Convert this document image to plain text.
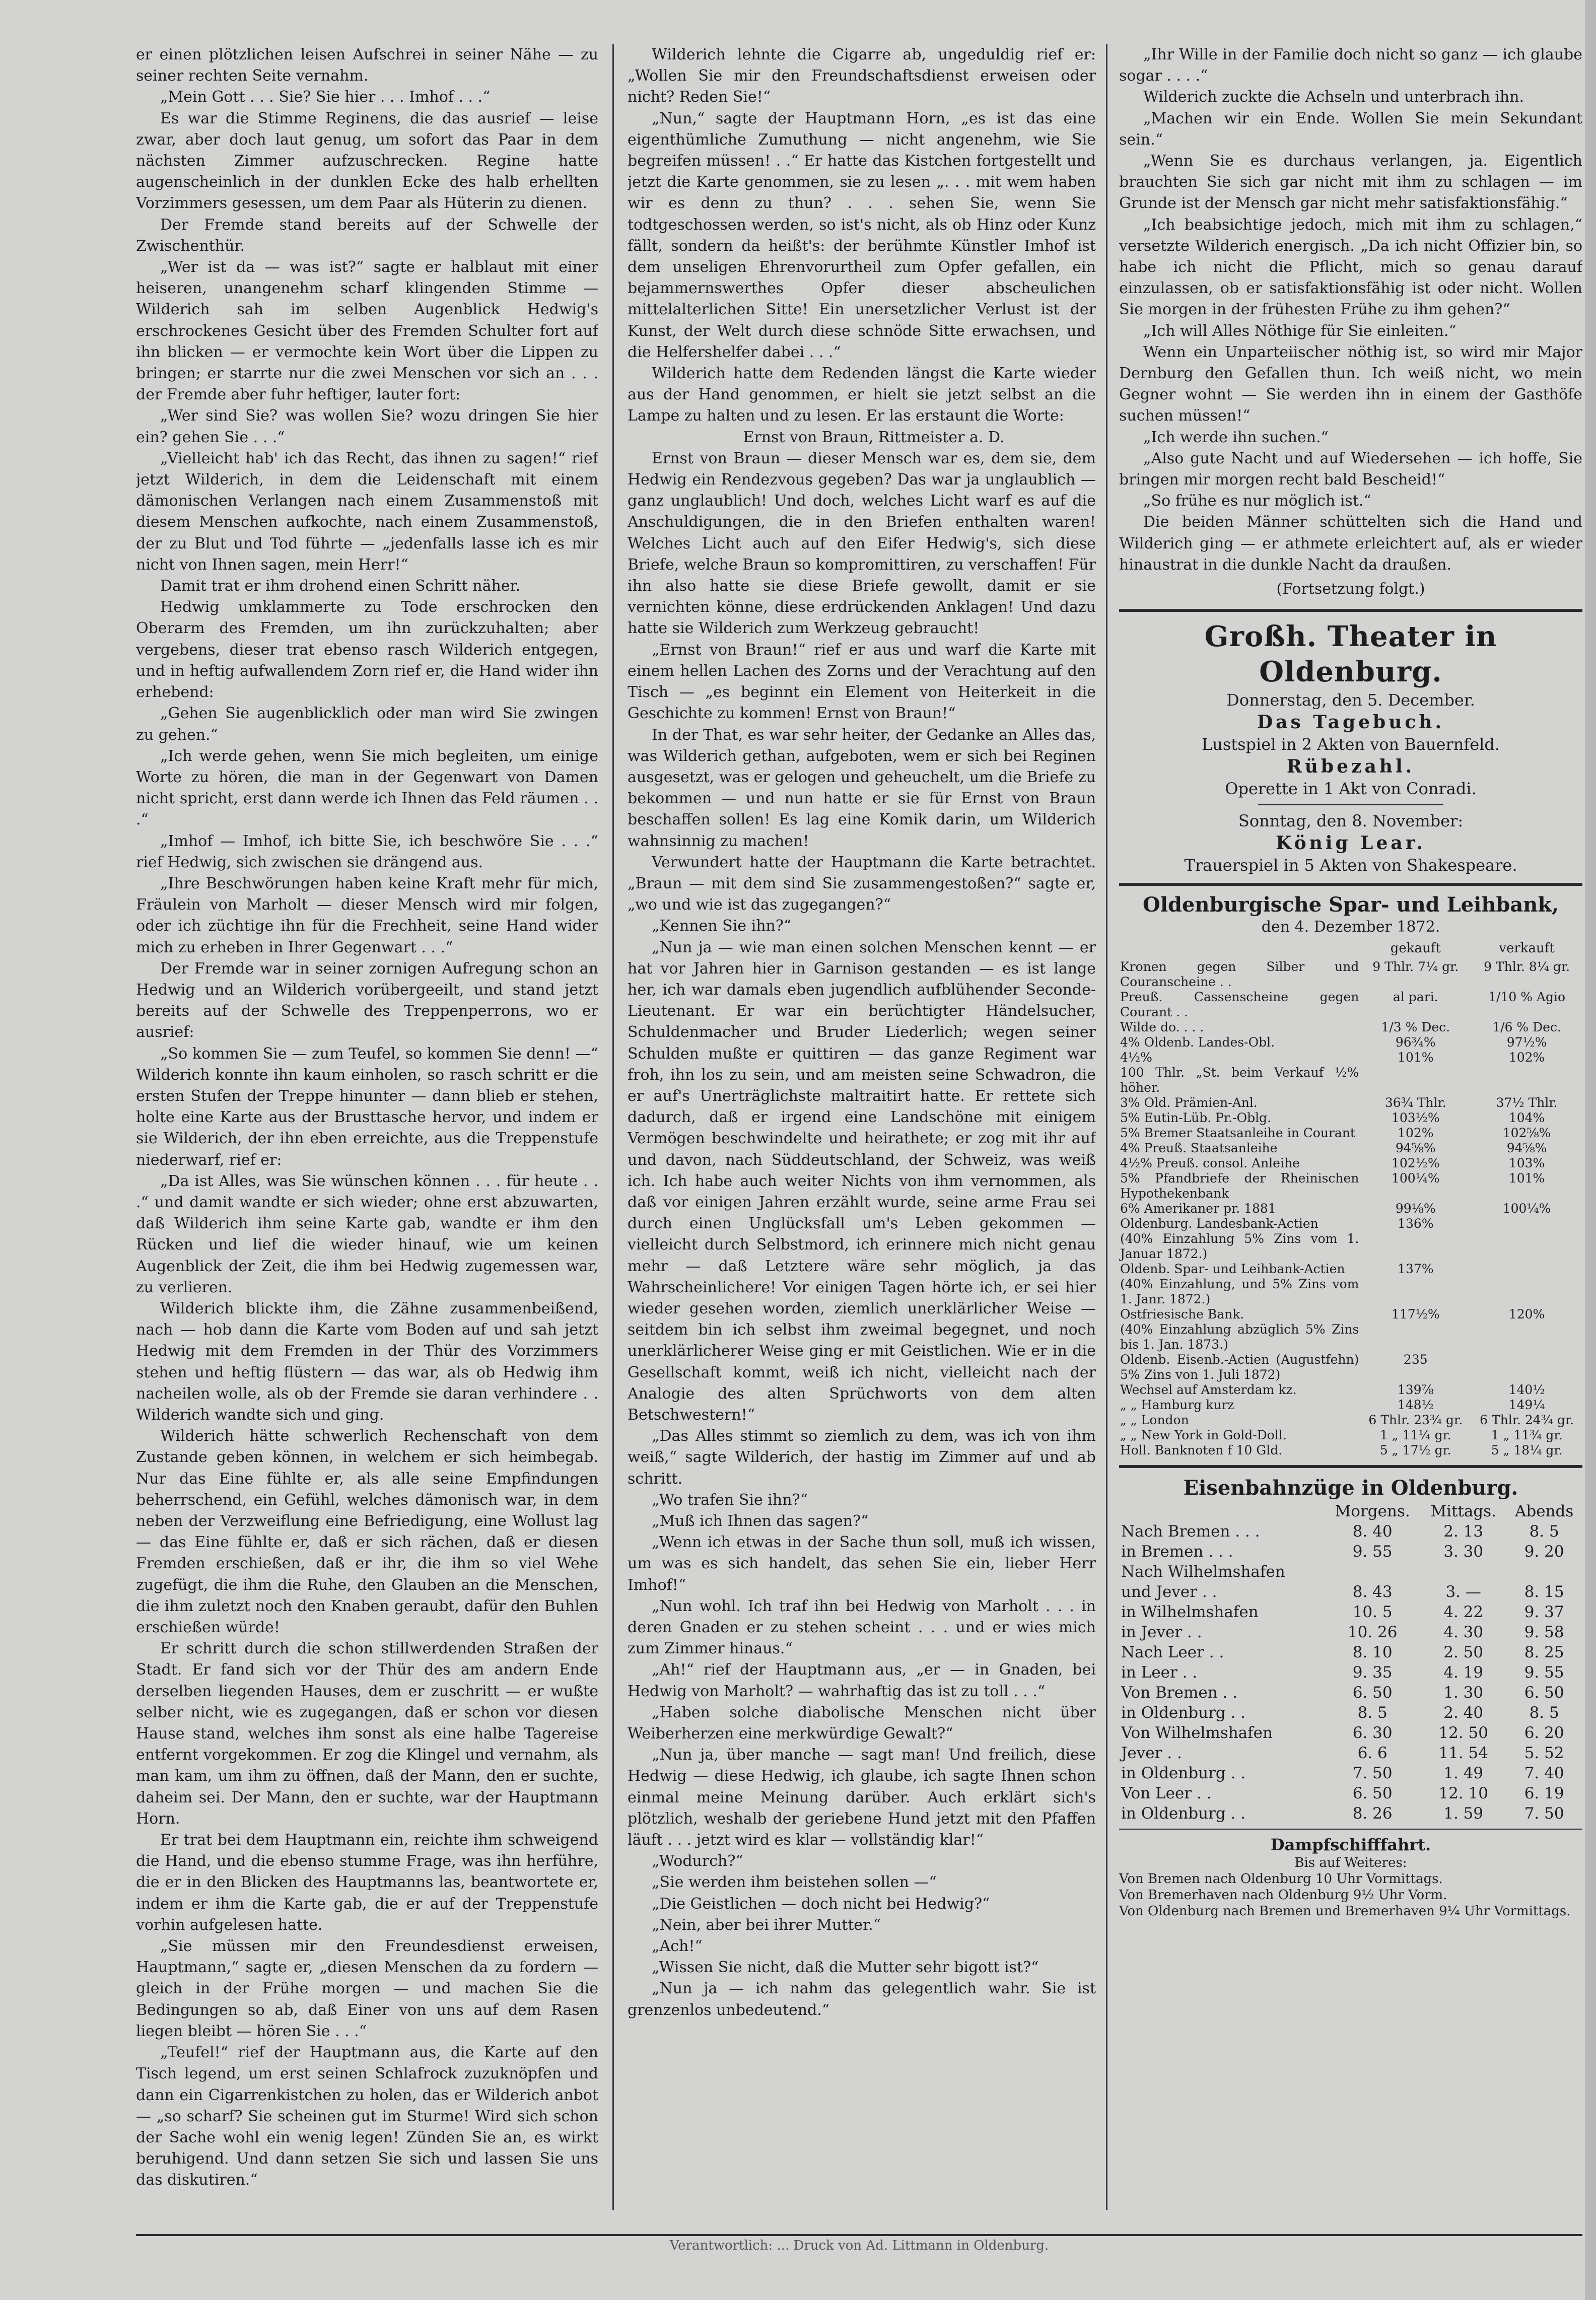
er einen plötzlichen leisen Aufschrei in seiner Nähe — zu seiner rechten Seite vernahm.

„Mein Gott . . . Sie? Sie hier . . . Imhof . . .“

Es war die Stimme Reginens, die das ausrief — leise zwar, aber doch laut genug, um sofort das Paar in dem nächsten Zimmer aufzuschrecken. Regine hatte augenscheinlich in der dunklen Ecke des halb erhellten Vorzimmers gesessen, um dem Paar als Hüterin zu dienen.

Der Fremde stand bereits auf der Schwelle der Zwischenthür.

„Wer ist da — was ist?“ sagte er halblaut mit einer heiseren, unangenehm scharf klingenden Stimme — Wilderich sah im selben Augenblick Hedwig's erschrockenes Gesicht über des Fremden Schulter fort auf ihn blicken — er vermochte kein Wort über die Lippen zu bringen; er starrte nur die zwei Menschen vor sich an . . . der Fremde aber fuhr heftiger, lauter fort:

„Wer sind Sie? was wollen Sie? wozu dringen Sie hier ein? gehen Sie . . .“

„Vielleicht hab' ich das Recht, das ihnen zu sagen!“ rief jetzt Wilderich, in dem die Leidenschaft mit einem dämonischen Verlangen nach einem Zusammenstoß mit diesem Menschen aufkochte, nach einem Zusammenstoß, der zu Blut und Tod führte — „jedenfalls lasse ich es mir nicht von Ihnen sagen, mein Herr!“

Damit trat er ihm drohend einen Schritt näher.

Hedwig umklammerte zu Tode erschrocken den Oberarm des Fremden, um ihn zurückzuhalten; aber vergebens, dieser trat ebenso rasch Wilderich entgegen, und in heftig aufwallendem Zorn rief er, die Hand wider ihn erhebend:

„Gehen Sie augenblicklich oder man wird Sie zwingen zu gehen.“

„Ich werde gehen, wenn Sie mich begleiten, um einige Worte zu hören, die man in der Gegenwart von Damen nicht spricht, erst dann werde ich Ihnen das Feld räumen . . .“

„Imhof — Imhof, ich bitte Sie, ich beschwöre Sie . . .“ rief Hedwig, sich zwischen sie drängend aus.

„Ihre Beschwörungen haben keine Kraft mehr für mich, Fräulein von Marholt — dieser Mensch wird mir folgen, oder ich züchtige ihn für die Frechheit, seine Hand wider mich zu erheben in Ihrer Gegenwart . . .“

Der Fremde war in seiner zornigen Aufregung schon an Hedwig und an Wilderich vorübergeeilt, und stand jetzt bereits auf der Schwelle des Treppenperrons, wo er ausrief:

„So kommen Sie — zum Teufel, so kommen Sie denn! —“ Wilderich konnte ihn kaum einholen, so rasch schritt er die ersten Stufen der Treppe hinunter — dann blieb er stehen, holte eine Karte aus der Brusttasche hervor, und indem er sie Wilderich, der ihn eben erreichte, aus die Treppenstufe niederwarf, rief er:

„Da ist Alles, was Sie wünschen können . . . für heute . . .“ und damit wandte er sich wieder; ohne erst abzuwarten, daß Wilderich ihm seine Karte gab, wandte er ihm den Rücken und lief die wieder hinauf, wie um keinen Augenblick der Zeit, die ihm bei Hedwig zugemessen war, zu verlieren.

Wilderich blickte ihm, die Zähne zusammenbeißend, nach — hob dann die Karte vom Boden auf und sah jetzt Hedwig mit dem Fremden in der Thür des Vorzimmers stehen und heftig flüstern — das war, als ob Hedwig ihm nacheilen wolle, als ob der Fremde sie daran verhindere . . Wilderich wandte sich und ging.

Wilderich hätte schwerlich Rechenschaft von dem Zustande geben können, in welchem er sich heimbegab. Nur das Eine fühlte er, als alle seine Empfindungen beherrschend, ein Gefühl, welches dämonisch war, in dem neben der Verzweiflung eine Befriedigung, eine Wollust lag — das Eine fühlte er, daß er sich rächen, daß er diesen Fremden erschießen, daß er ihr, die ihm so viel Wehe zugefügt, die ihm die Ruhe, den Glauben an die Menschen, die ihm zuletzt noch den Knaben geraubt, dafür den Buhlen erschießen würde!

Er schritt durch die schon stillwerdenden Straßen der Stadt. Er fand sich vor der Thür des am andern Ende derselben liegenden Hauses, dem er zuschritt — er wußte selber nicht, wie es zugegangen, daß er schon vor diesen Hause stand, welches ihm sonst als eine halbe Tagereise entfernt vorgekommen. Er zog die Klingel und vernahm, als man kam, um ihm zu öffnen, daß der Mann, den er suchte, daheim sei. Der Mann, den er suchte, war der Hauptmann Horn.

Er trat bei dem Hauptmann ein, reichte ihm schweigend die Hand, und die ebenso stumme Frage, was ihn herführe, die er in den Blicken des Hauptmanns las, beantwortete er, indem er ihm die Karte gab, die er auf der Treppenstufe vorhin aufgelesen hatte.

„Sie müssen mir den Freundesdienst erweisen, Hauptmann,“ sagte er, „diesen Menschen da zu fordern — gleich in der Frühe morgen — und machen Sie die Bedingungen so ab, daß Einer von uns auf dem Rasen liegen bleibt — hören Sie . . .“

„Teufel!“ rief der Hauptmann aus, die Karte auf den Tisch legend, um erst seinen Schlafrock zuzuknöpfen und dann ein Cigarrenkistchen zu holen, das er Wilderich anbot — „so scharf? Sie scheinen gut im Sturme! Wird sich schon der Sache wohl ein wenig legen! Zünden Sie an, es wirkt beruhigend. Und dann setzen Sie sich und lassen Sie uns das diskutiren.“

Wilderich lehnte die Cigarre ab, ungeduldig rief er: „Wollen Sie mir den Freundschaftsdienst erweisen oder nicht? Reden Sie!“

„Nun,“ sagte der Hauptmann Horn, „es ist das eine eigenthümliche Zumuthung — nicht angenehm, wie Sie begreifen müssen! . .“ Er hatte das Kistchen fortgestellt und jetzt die Karte genommen, sie zu lesen „. . . mit wem haben wir es denn zu thun? . . . sehen Sie, wenn Sie todtgeschossen werden, so ist's nicht, als ob Hinz oder Kunz fällt, sondern da heißt's: der berühmte Künstler Imhof ist dem unseligen Ehrenvorurtheil zum Opfer gefallen, ein bejammernswerthes Opfer dieser abscheulichen mittelalterlichen Sitte! Ein unersetzlicher Verlust ist der Kunst, der Welt durch diese schnöde Sitte erwachsen, und die Helfershelfer dabei . . .“

Wilderich hatte dem Redenden längst die Karte wieder aus der Hand genommen, er hielt sie jetzt selbst an die Lampe zu halten und zu lesen. Er las erstaunt die Worte:

Ernst von Braun, Rittmeister a. D.

Ernst von Braun — dieser Mensch war es, dem sie, dem Hedwig ein Rendezvous gegeben? Das war ja unglaublich — ganz unglaublich! Und doch, welches Licht warf es auf die Anschuldigungen, die in den Briefen enthalten waren! Welches Licht auch auf den Eifer Hedwig's, sich diese Briefe, welche Braun so kompromittiren, zu verschaffen! Für ihn also hatte sie diese Briefe gewollt, damit er sie vernichten könne, diese erdrückenden Anklagen! Und dazu hatte sie Wilderich zum Werkzeug gebraucht!

„Ernst von Braun!“ rief er aus und warf die Karte mit einem hellen Lachen des Zorns und der Verachtung auf den Tisch — „es beginnt ein Element von Heiterkeit in die Geschichte zu kommen! Ernst von Braun!“

In der That, es war sehr heiter, der Gedanke an Alles das, was Wilderich gethan, aufgeboten, wem er sich bei Reginen ausgesetzt, was er gelogen und geheuchelt, um die Briefe zu bekommen — und nun hatte er sie für Ernst von Braun beschaffen sollen! Es lag eine Komik darin, um Wilderich wahnsinnig zu machen!

Verwundert hatte der Hauptmann die Karte betrachtet. „Braun — mit dem sind Sie zusammengestoßen?“ sagte er, „wo und wie ist das zugegangen?“

„Kennen Sie ihn?“

„Nun ja — wie man einen solchen Menschen kennt — er hat vor Jahren hier in Garnison gestanden — es ist lange her, ich war damals eben jugendlich aufblühender Seconde-Lieutenant. Er war ein berüchtigter Händelsucher, Schuldenmacher und Bruder Liederlich; wegen seiner Schulden mußte er quittiren — das ganze Regiment war froh, ihn los zu sein, und am meisten seine Schwadron, die er auf's Unerträglichste maltraitirt hatte. Er rettete sich dadurch, daß er irgend eine Landschöne mit einigem Vermögen beschwindelte und heirathete; er zog mit ihr auf und davon, nach Süddeutschland, der Schweiz, was weiß ich. Ich habe auch weiter Nichts von ihm vernommen, als daß vor einigen Jahren erzählt wurde, seine arme Frau sei durch einen Unglücksfall um's Leben gekommen — vielleicht durch Selbstmord, ich erinnere mich nicht genau mehr — daß Letztere wäre sehr möglich, ja das Wahrscheinlichere! Vor einigen Tagen hörte ich, er sei hier wieder gesehen worden, ziemlich unerklärlicher Weise — seitdem bin ich selbst ihm zweimal begegnet, und noch unerklärlicherer Weise ging er mit Geistlichen. Wie er in die Gesellschaft kommt, weiß ich nicht, vielleicht nach der Analogie des alten Sprüchworts von dem alten Betschwestern!“

„Das Alles stimmt so ziemlich zu dem, was ich von ihm weiß,“ sagte Wilderich, der hastig im Zimmer auf und ab schritt.

„Wo trafen Sie ihn?“

„Muß ich Ihnen das sagen?“

„Wenn ich etwas in der Sache thun soll, muß ich wissen, um was es sich handelt, das sehen Sie ein, lieber Herr Imhof!“

„Nun wohl. Ich traf ihn bei Hedwig von Marholt . . . in deren Gnaden er zu stehen scheint . . . und er wies mich zum Zimmer hinaus.“

„Ah!“ rief der Hauptmann aus, „er — in Gnaden, bei Hedwig von Marholt? — wahrhaftig das ist zu toll . . .“

„Haben solche diabolische Menschen nicht über Weiberherzen eine merkwürdige Gewalt?“

„Nun ja, über manche — sagt man! Und freilich, diese Hedwig — diese Hedwig, ich glaube, ich sagte Ihnen schon einmal meine Meinung darüber. Auch erklärt sich's plötzlich, weshalb der geriebene Hund jetzt mit den Pfaffen läuft . . . jetzt wird es klar — vollständig klar!“

„Wodurch?“

„Sie werden ihm beistehen sollen —“

„Die Geistlichen — doch nicht bei Hedwig?“

„Nein, aber bei ihrer Mutter.“

„Ach!“

„Wissen Sie nicht, daß die Mutter sehr bigott ist?“

„Nun ja — ich nahm das gelegentlich wahr. Sie ist grenzenlos unbedeutend.“

„Ihr Wille in der Familie doch nicht so ganz — ich glaube sogar . . . .“

Wilderich zuckte die Achseln und unterbrach ihn.

„Machen wir ein Ende. Wollen Sie mein Sekundant sein.“

„Wenn Sie es durchaus verlangen, ja. Eigentlich brauchten Sie sich gar nicht mit ihm zu schlagen — im Grunde ist der Mensch gar nicht mehr satisfaktionsfähig.“

„Ich beabsichtige jedoch, mich mit ihm zu schlagen,“ versetzte Wilderich energisch. „Da ich nicht Offizier bin, so habe ich nicht die Pflicht, mich so genau darauf einzulassen, ob er satisfaktionsfähig ist oder nicht. Wollen Sie morgen in der frühesten Frühe zu ihm gehen?“

„Ich will Alles Nöthige für Sie einleiten.“

Wenn ein Unparteiischer nöthig ist, so wird mir Major Dernburg den Gefallen thun. Ich weiß nicht, wo mein Gegner wohnt — Sie werden ihn in einem der Gasthöfe suchen müssen!“

„Ich werde ihn suchen.“

„Also gute Nacht und auf Wiedersehen — ich hoffe, Sie bringen mir morgen recht bald Bescheid!“

„So frühe es nur möglich ist.“

Die beiden Männer schüttelten sich die Hand und Wilderich ging — er athmete erleichtert auf, als er wieder hinaustrat in die dunkle Nacht da draußen.

(Fortsetzung folgt.)
Großh. Theater in Oldenburg.
Donnerstag, den 5. December.
Das Tagebuch.
Lustspiel in 2 Akten von Bauernfeld.
Rübezahl.
Operette in 1 Akt von Conradi.
Sonntag, den 8. November:
König Lear.
Trauerspiel in 5 Akten von Shakespeare.
Oldenburgische Spar- und Leihbank,
den 4. Dezember 1872.
	gekauft	verkauft
Kronen gegen Silber und Couranscheine . .	9 Thlr. 7¼ gr.	9 Thlr. 8¼ gr.
Preuß. Cassenscheine gegen Courant . .	al pari.	1/10 % Agio
Wilde do. . . .	1/3 % Dec.	1/6 % Dec.
4% Oldenb. Landes-Obl.	96¾%	97½%
4½%	101%	102%
100 Thlr. „St. beim Verkauf ½% höher.		
3% Old. Prämien-Anl.	36¾ Thlr.	37½ Thlr.
5% Eutin-Lüb. Pr.-Oblg.	103½%	104%
5% Bremer Staatsanleihe in Courant	102%	102⅝%
4% Preuß. Staatsanleihe	94⅝%	94⅝%
4½% Preuß. consol. Anleihe	102½%	103%
5% Pfandbriefe der Rheinischen Hypothekenbank	100¼%	101%
6% Amerikaner pr. 1881	99⅛%	100¼%
Oldenburg. Landesbank-Actien	136%	
(40% Einzahlung 5% Zins vom 1. Januar 1872.)		
Oldenb. Spar- und Leihbank-Actien	137%	
(40% Einzahlung, und 5% Zins vom 1. Janr. 1872.)		
Ostfriesische Bank.	117½%	120%
(40% Einzahlung abzüglich 5% Zins bis 1. Jan. 1873.)		
Oldenb. Eisenb.-Actien (Augustfehn) 5% Zins von 1. Juli 1872)	235	
Wechsel auf Amsterdam kz.	139⅞	140½
„ „ Hamburg kurz	148½	149¼
„ „ London	6 Thlr. 23¾ gr.	6 Thlr. 24¾ gr.
„ „ New York in Gold-Doll.	1 „ 11¼ gr.	1 „ 11¾ gr.
Holl. Banknoten f 10 Gld.	5 „ 17½ gr.	5 „ 18¼ gr.
Eisenbahnzüge in Oldenburg.
	Morgens.	Mittags.	Abends
Nach Bremen . . .	8. 40	2. 13	8. 5
in Bremen . . .	9. 55	3. 30	9. 20
Nach Wilhelmshafen			
und Jever . .	8. 43	3. —	8. 15
in Wilhelmshafen	10. 5	4. 22	9. 37
in Jever . .	10. 26	4. 30	9. 58
Nach Leer . .	8. 10	2. 50	8. 25
in Leer . .	9. 35	4. 19	9. 55
Von Bremen . .	6. 50	1. 30	6. 50
in Oldenburg . .	8. 5	2. 40	8. 5
Von Wilhelmshafen	6. 30	12. 50	6. 20
Jever . .	6. 6	11. 54	5. 52
in Oldenburg . .	7. 50	1. 49	7. 40
Von Leer . .	6. 50	12. 10	6. 19
in Oldenburg . .	8. 26	1. 59	7. 50
Dampfschifffahrt.
Bis auf Weiteres:
Von Bremen nach Oldenburg 10 Uhr Vormittags.
Von Bremerhaven nach Oldenburg 9½ Uhr Vorm.
Von Oldenburg nach Bremen und Bremerhaven 9¼ Uhr Vormittags.
Verantwortlich: ... Druck von Ad. Littmann in Oldenburg.
